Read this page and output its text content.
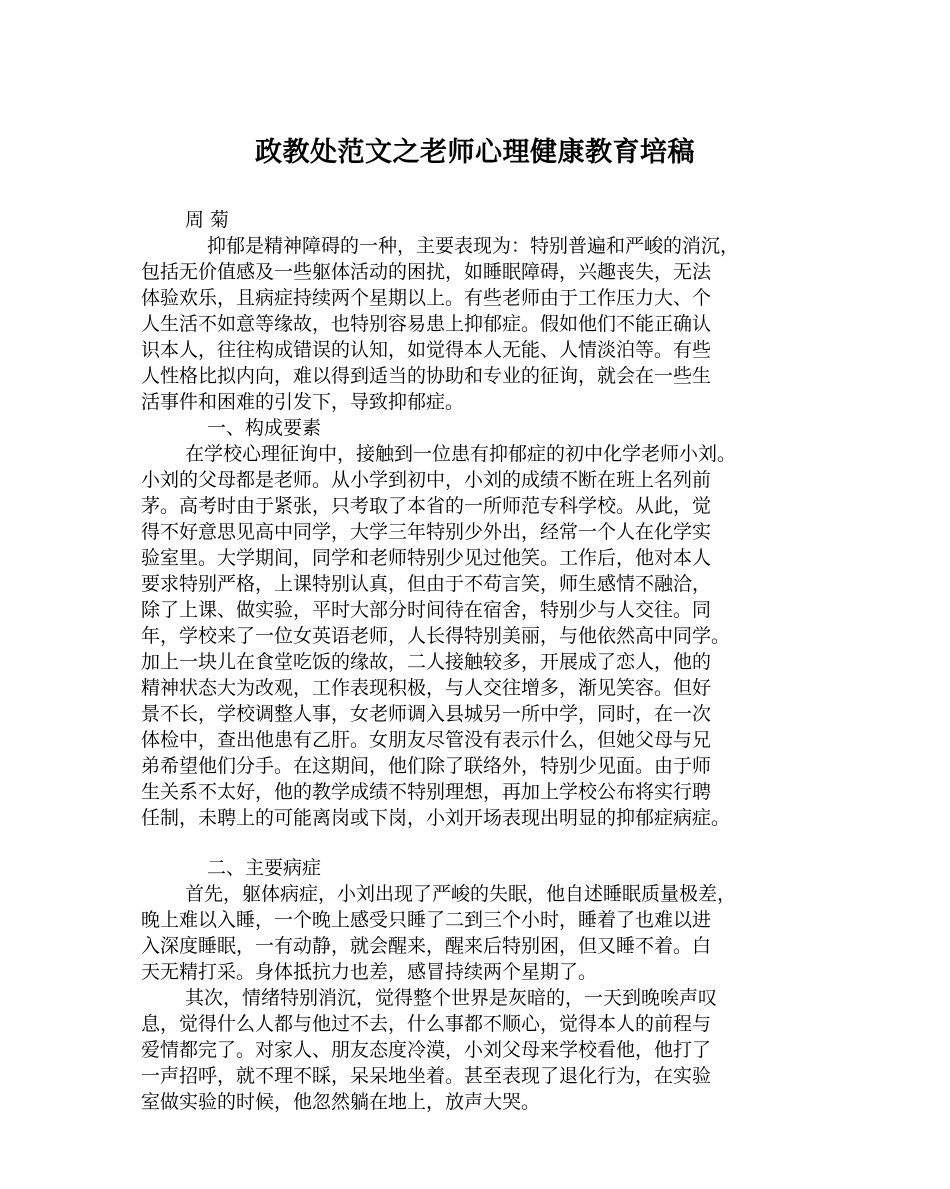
政教处范文之老师心理健康教育培稿
周 菊
抑郁是精神障碍的一种，主要表现为：特别普遍和严峻的消沉，
包括无价值感及一些躯体活动的困扰，如睡眠障碍，兴趣丧失，无法
体验欢乐，且病症持续两个星期以上。有些老师由于工作压力大、个
人生活不如意等缘故，也特别容易患上抑郁症。假如他们不能正确认
识本人，往往构成错误的认知，如觉得本人无能、人情淡泊等。有些
人性格比拟内向，难以得到适当的协助和专业的征询，就会在一些生
活事件和困难的引发下，导致抑郁症。
一、构成要素
在学校心理征询中，接触到一位患有抑郁症的初中化学老师小刘。
小刘的父母都是老师。从小学到初中，小刘的成绩不断在班上名列前
茅。高考时由于紧张，只考取了本省的一所师范专科学校。从此，觉
得不好意思见高中同学，大学三年特别少外出，经常一个人在化学实
验室里。大学期间，同学和老师特别少见过他笑。工作后，他对本人
要求特别严格，上课特别认真，但由于不苟言笑，师生感情不融洽，
除了上课、做实验，平时大部分时间待在宿舍，特别少与人交往。同
年，学校来了一位女英语老师，人长得特别美丽，与他依然高中同学。
加上一块儿在食堂吃饭的缘故，二人接触较多，开展成了恋人，他的
精神状态大为改观，工作表现积极，与人交往增多，渐见笑容。但好
景不长，学校调整人事，女老师调入县城另一所中学，同时，在一次
体检中，查出他患有乙肝。女朋友尽管没有表示什么，但她父母与兄
弟希望他们分手。在这期间，他们除了联络外，特别少见面。由于师
生关系不太好，他的教学成绩不特别理想，再加上学校公布将实行聘
任制，未聘上的可能离岗或下岗，小刘开场表现出明显的抑郁症病症。
二、主要病症
首先，躯体病症，小刘出现了严峻的失眠，他自述睡眠质量极差，
晚上难以入睡，一个晚上感受只睡了二到三个小时，睡着了也难以进
入深度睡眠，一有动静，就会醒来，醒来后特别困，但又睡不着。白
天无精打采。身体抵抗力也差，感冒持续两个星期了。
其次，情绪特别消沉，觉得整个世界是灰暗的，一天到晚唉声叹
息，觉得什么人都与他过不去，什么事都不顺心，觉得本人的前程与
爱情都完了。对家人、朋友态度冷漠，小刘父母来学校看他，他打了
一声招呼，就不理不睬，呆呆地坐着。甚至表现了退化行为，在实验
室做实验的时候，他忽然躺在地上，放声大哭。
